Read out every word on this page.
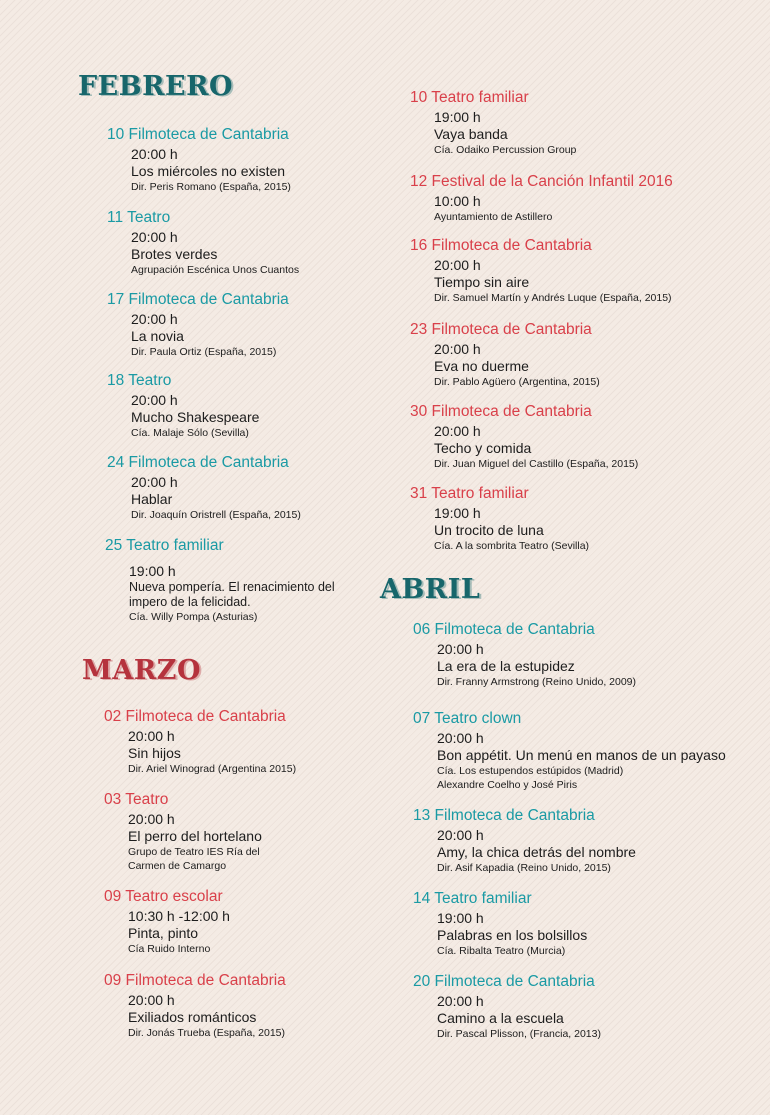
FEBRERO
10 Filmoteca de Cantabria
20:00 h
Los miércoles no existen
Dir. Peris Romano (España, 2015)
11 Teatro
20:00 h
Brotes verdes
Agrupación Escénica Unos Cuantos
17 Filmoteca de Cantabria
20:00 h
La novia
Dir. Paula Ortiz (España, 2015)
18 Teatro
20:00 h
Mucho Shakespeare
Cía. Malaje Sólo (Sevilla)
24 Filmoteca de Cantabria
20:00 h
Hablar
Dir. Joaquín Oristrell (España, 2015)
25 Teatro familiar
19:00 h
Nueva pompería. El renacimiento del impero de la felicidad.
Cía. Willy Pompa (Asturias)
10 Teatro familiar
19:00 h
Vaya banda
Cía. Odaiko Percussion Group
12 Festival de la Canción Infantil 2016
10:00 h
Ayuntamiento de Astillero
16 Filmoteca de Cantabria
20:00 h
Tiempo sin aire
Dir. Samuel Martín y Andrés Luque (España, 2015)
23 Filmoteca de Cantabria
20:00 h
Eva no duerme
Dir. Pablo Agüero (Argentina, 2015)
30 Filmoteca de Cantabria
20:00 h
Techo y comida
Dir. Juan Miguel del Castillo (España, 2015)
31 Teatro familiar
19:00 h
Un trocito de luna
Cía. A la sombrita Teatro (Sevilla)
MARZO
02 Filmoteca de Cantabria
20:00 h
Sin hijos
Dir. Ariel Winograd (Argentina 2015)
03 Teatro
20:00 h
El perro del hortelano
Grupo de Teatro IES Ría del Carmen de Camargo
09 Teatro escolar
10:30 h -12:00 h
Pinta, pinto
Cía Ruido Interno
09 Filmoteca de Cantabria
20:00 h
Exiliados románticos
Dir. Jonás Trueba (España, 2015)
ABRIL
06 Filmoteca de Cantabria
20:00 h
La era de la estupidez
Dir. Franny Armstrong (Reino Unido, 2009)
07 Teatro clown
20:00 h
Bon appétit. Un menú en manos de un payaso
Cía. Los estupendos estúpidos (Madrid)
Alexandre Coelho y José Piris
13 Filmoteca de Cantabria
20:00 h
Amy, la chica detrás del nombre
Dir. Asif Kapadia (Reino Unido, 2015)
14 Teatro familiar
19:00 h
Palabras en los bolsillos
Cía. Ribalta Teatro (Murcia)
20 Filmoteca de Cantabria
20:00 h
Camino a la escuela
Dir. Pascal Plisson, (Francia, 2013)
